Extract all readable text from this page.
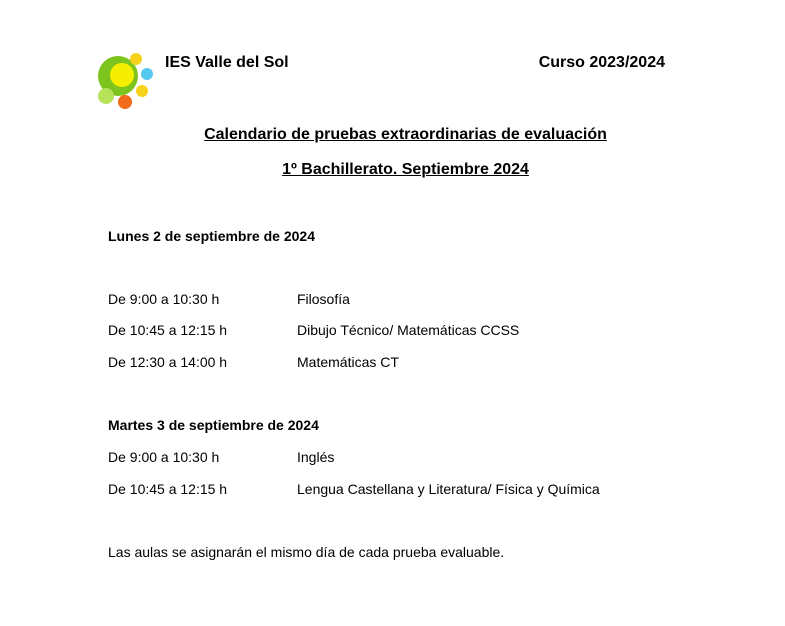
IES Valle del Sol	Curso 2023/2024
Calendario de pruebas extraordinarias de evaluación
1º Bachillerato. Septiembre 2024
Lunes 2 de septiembre de 2024
De 9:00 a 10:30 h	Filosofía
De 10:45 a 12:15 h	Dibujo Técnico/ Matemáticas CCSS
De 12:30 a 14:00 h	Matemáticas CT
Martes 3 de septiembre de 2024
De 9:00 a 10:30 h	Inglés
De 10:45 a 12:15 h	Lengua Castellana y Literatura/ Física y Química
Las aulas se asignarán el mismo día de cada prueba evaluable.
